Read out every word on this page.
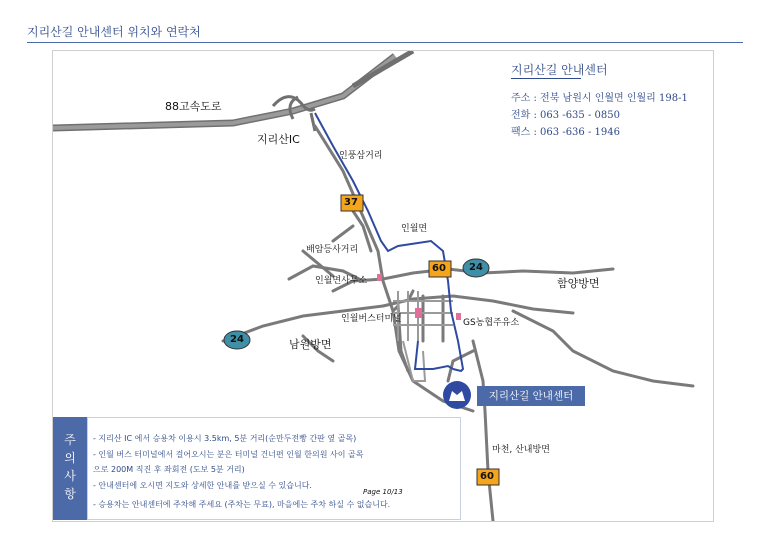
지리산길 안내센터 위치와 연락처
37
60
60
24
24
88고속도로
지리산IC
인풍삼거리
인월면
배암등사거리
인월면사무소	함양방면
인월버스터미널	GS농협주유소
남원방면
마천, 산내방면
지리산길 안내센터
지리산길 안내센터
주소 : 전북 남원시 인월면 인월리 198-1
전화 : 063 -635 - 0850
팩스 : 063 -636 - 1946
주
의
사
항
- 지리산 IC 에서 승용차 이용시 3.5km, 5분 거리(순만두전빵 간판 옆 골목)
- 인월 버스 터미널에서 걸어오시는 분은 터미널 건너편 인월 한의원 사이 골목
으로 200M 직진 후 좌회전 (도보 5분 거리)
- 안내센터에 오시면 지도와 상세한 안내를 받으실 수 있습니다.
- 승용차는 안내센터에 주차해 주세요 (주차는 무료), 마을에는 주차 하실 수 없습니다.
Page 10/13
